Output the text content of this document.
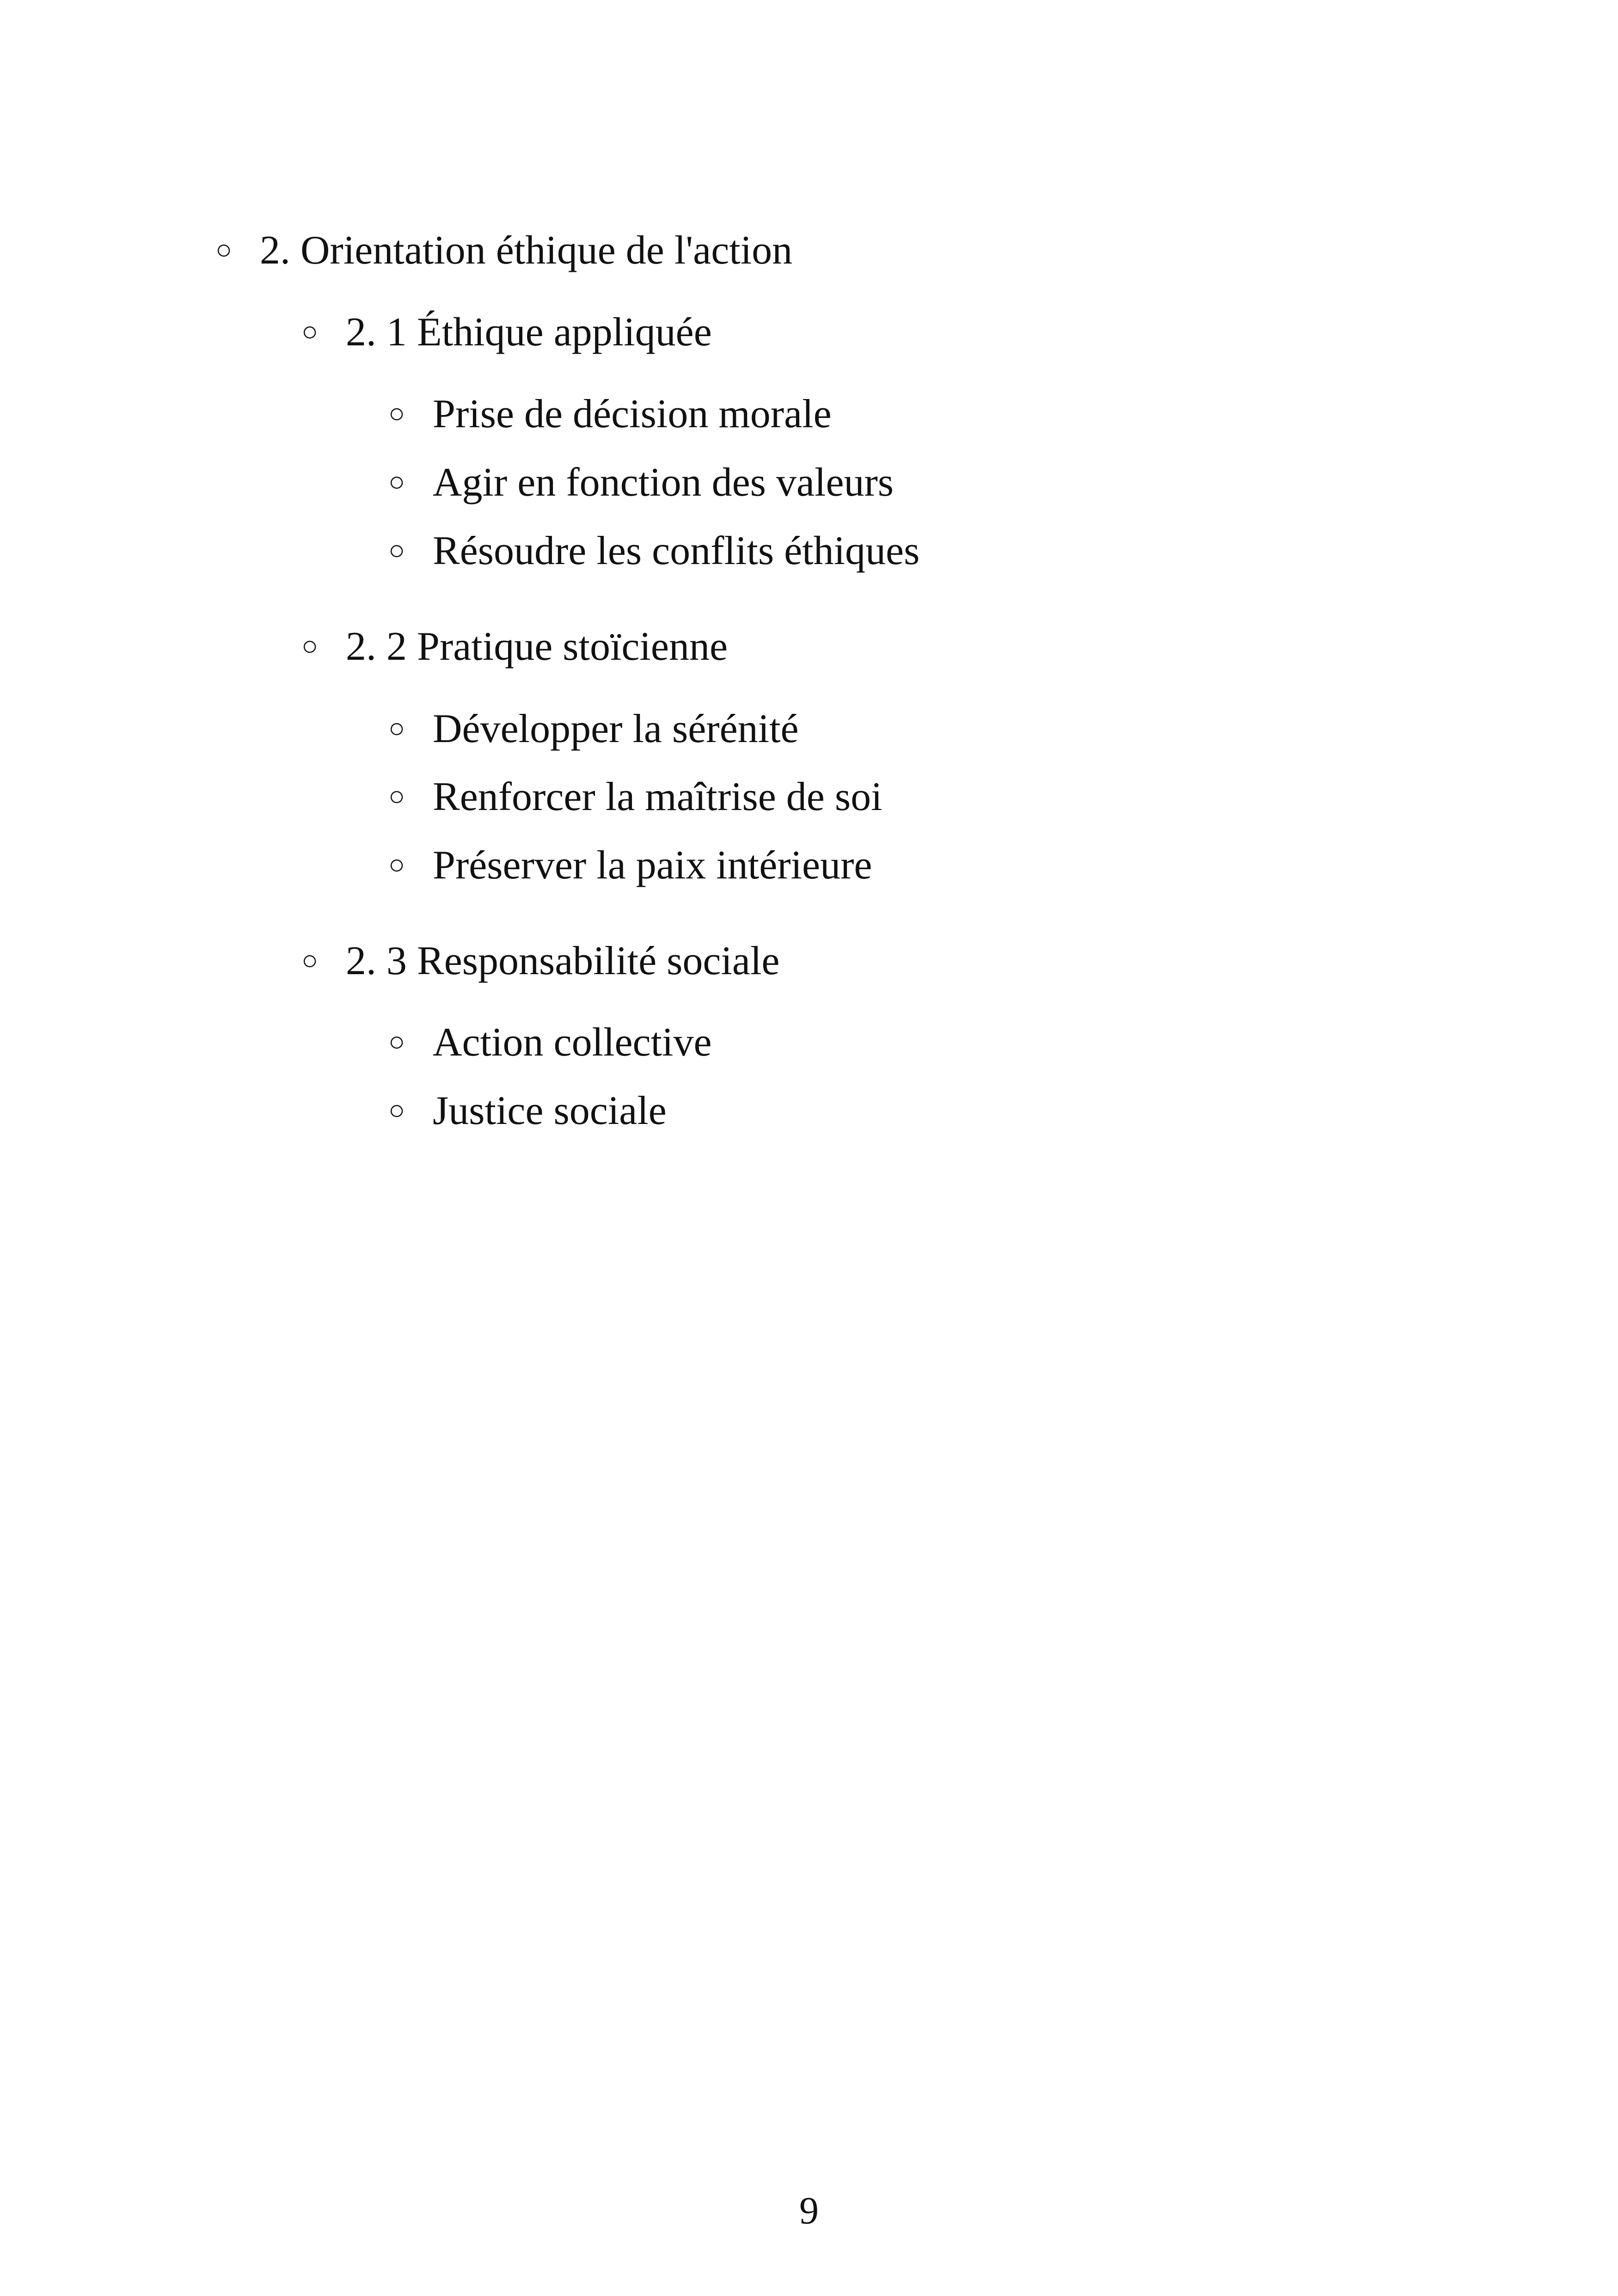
○ 2. Orientation éthique de l'action
○ 2. 1 Éthique appliquée
○ Prise de décision morale
○ Agir en fonction des valeurs
○ Résoudre les conflits éthiques
○ 2. 2 Pratique stoïcienne
○ Développer la sérénité
○ Renforcer la maîtrise de soi
○ Préserver la paix intérieure
○ 2. 3 Responsabilité sociale
○ Action collective
○ Justice sociale
9
